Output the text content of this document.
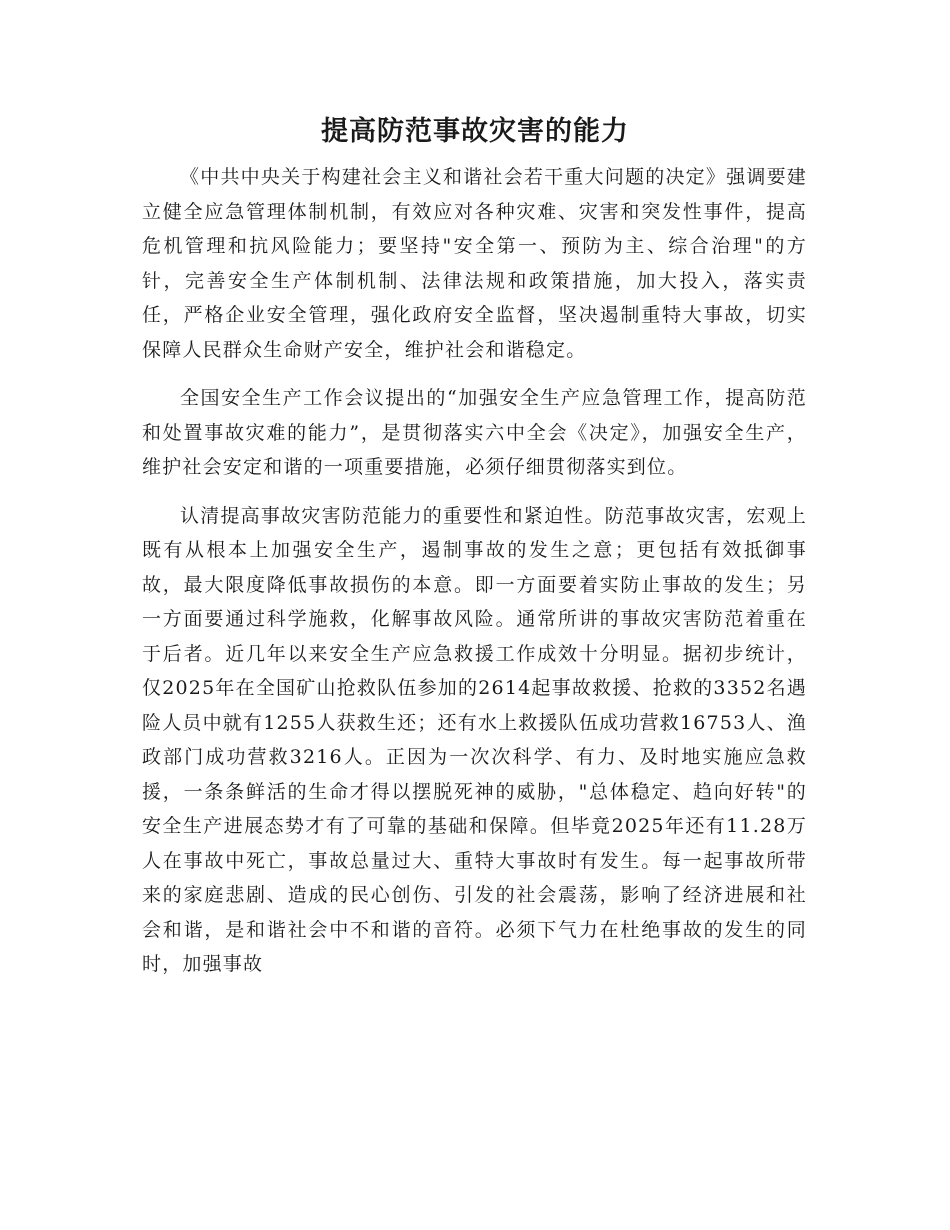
提高防范事故灾害的能力

《中共中央关于构建社会主义和谐社会若干重大问题的决定》强调要建立健全应急管理体制机制，有效应对各种灾难、灾害和突发性事件，提高危机管理和抗风险能力；要坚持"安全第一、预防为主、综合治理"的方针，完善安全生产体制机制、法律法规和政策措施，加大投入，落实责任，严格企业安全管理，强化政府安全监督，坚决遏制重特大事故，切实保障人民群众生命财产安全，维护社会和谐稳定。

全国安全生产工作会议提出的“加强安全生产应急管理工作，提高防范和处置事故灾难的能力”，是贯彻落实六中全会《决定》，加强安全生产，维护社会安定和谐的一项重要措施，必须仔细贯彻落实到位。

认清提高事故灾害防范能力的重要性和紧迫性。防范事故灾害，宏观上既有从根本上加强安全生产，遏制事故的发生之意；更包括有效抵御事故，最大限度降低事故损伤的本意。即一方面要着实防止事故的发生；另一方面要通过科学施救，化解事故风险。通常所讲的事故灾害防范着重在于后者。近几年以来安全生产应急救援工作成效十分明显。据初步统计，仅2025年在全国矿山抢救队伍参加的2614起事故救援、抢救的3352名遇险人员中就有1255人获救生还；还有水上救援队伍成功营救16753人、渔政部门成功营救3216人。正因为一次次科学、有力、及时地实施应急救援，一条条鲜活的生命才得以摆脱死神的威胁，"总体稳定、趋向好转"的安全生产进展态势才有了可靠的基础和保障。但毕竟2025年还有11.28万人在事故中死亡，事故总量过大、重特大事故时有发生。每一起事故所带来的家庭悲剧、造成的民心创伤、引发的社会震荡，影响了经济进展和社会和谐，是和谐社会中不和谐的音符。必须下气力在杜绝事故的发生的同时，加强事故
